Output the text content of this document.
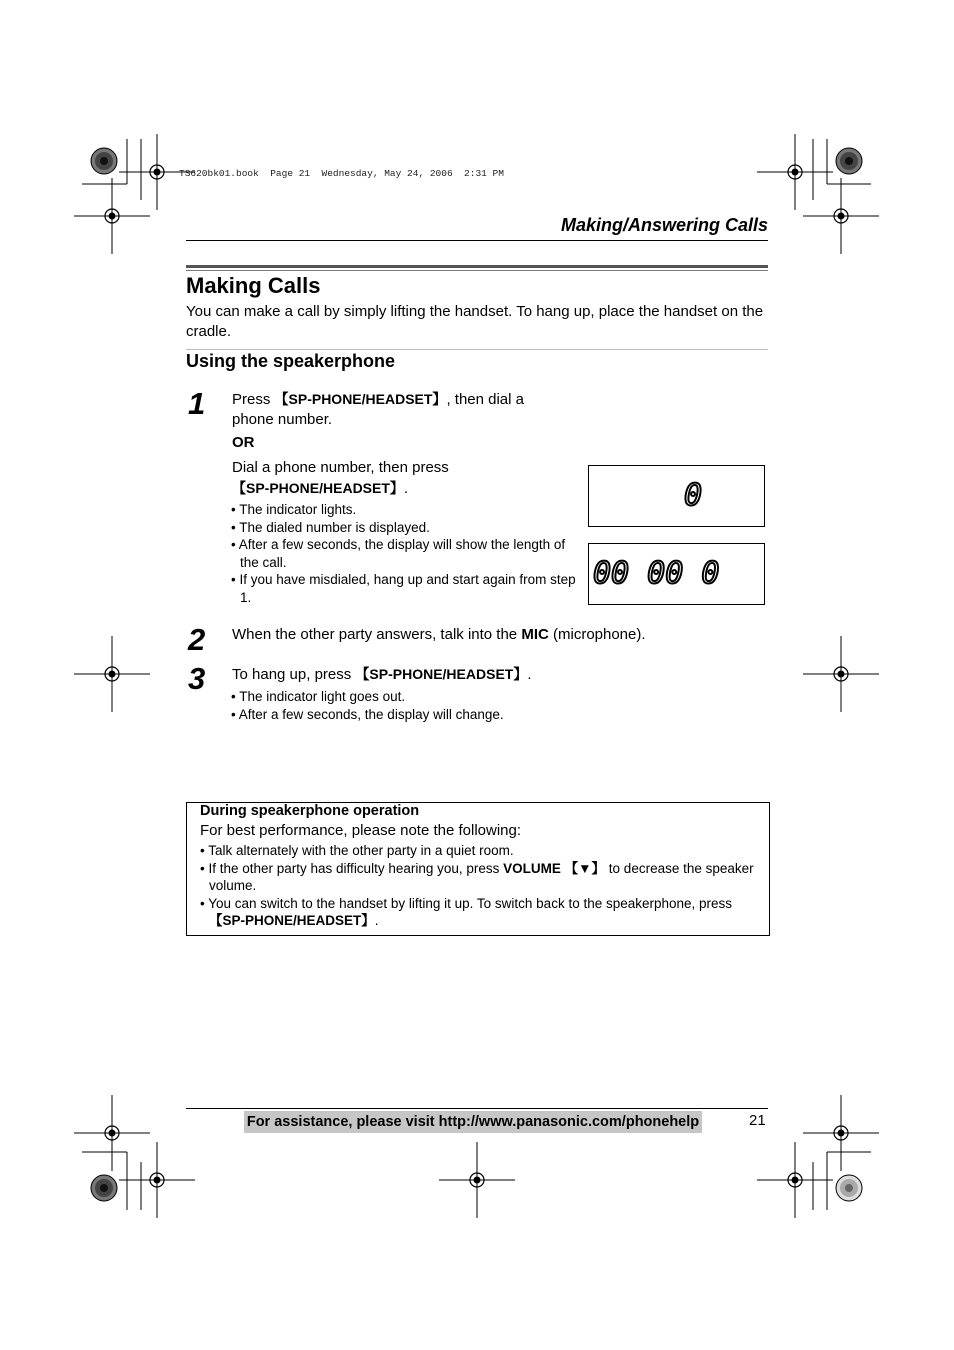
TS620bk01.book  Page 21  Wednesday, May 24, 2006  2:31 PM
Making/Answering Calls
Making Calls
You can make a call by simply lifting the handset. To hang up, place the handset on the cradle.
Using the speakerphone
1 Press 【SP-PHONE/HEADSET】, then dial a phone number.
OR
Dial a phone number, then press
【SP-PHONE/HEADSET】.
• The indicator lights.
• The dialed number is displayed.
• After a few seconds, the display will show the length of the call.
• If you have misdialed, hang up and start again from step 1.
0
00 00 0
2 When the other party answers, talk into the MIC (microphone).
3 To hang up, press 【SP-PHONE/HEADSET】.
• The indicator light goes out.
• After a few seconds, the display will change.
During speakerphone operation
For best performance, please note the following:
• Talk alternately with the other party in a quiet room.
• If the other party has difficulty hearing you, press VOLUME 【▼】 to decrease the speaker volume.
• You can switch to the handset by lifting it up. To switch back to the speakerphone, press 【SP-PHONE/HEADSET】.
For assistance, please visit http://www.panasonic.com/phonehelp	21
